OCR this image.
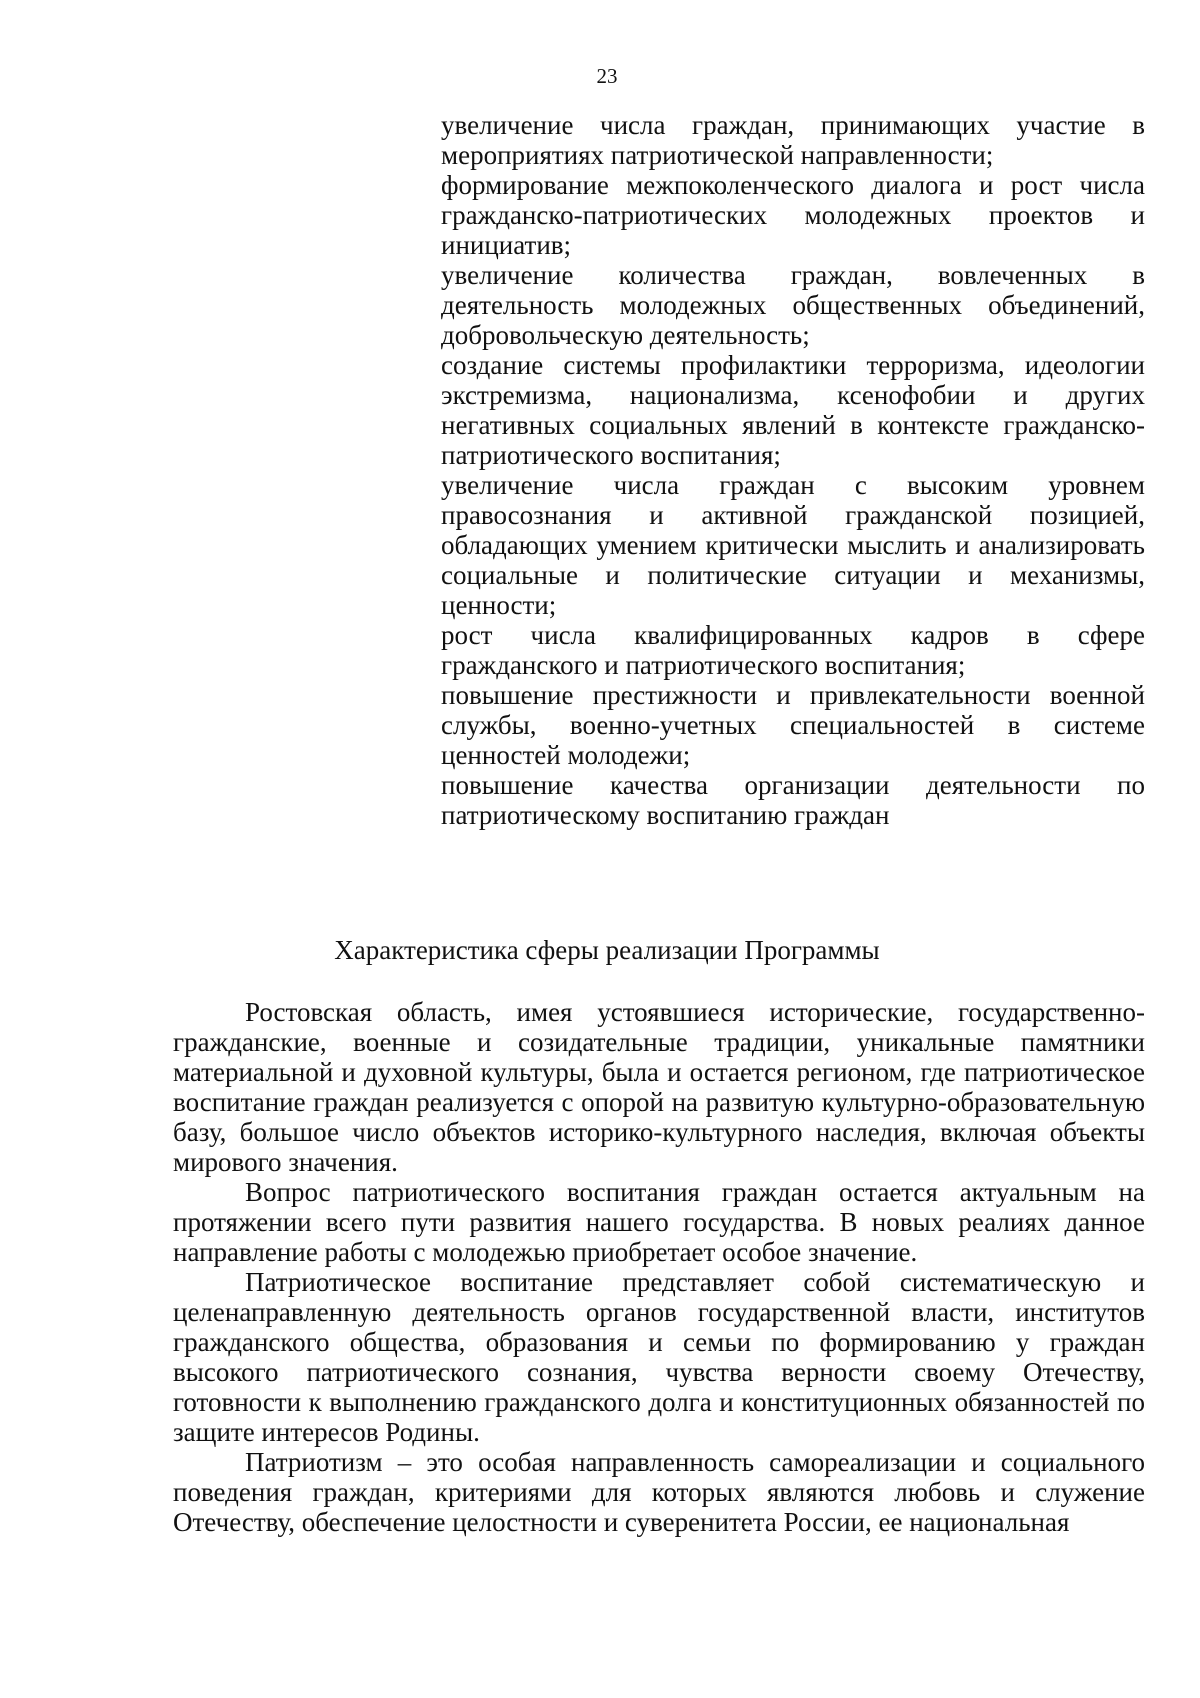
23
увеличение числа граждан, принимающих участие в мероприятиях патриотической направленности;
формирование межпоколенческого диалога и рост числа гражданско-патриотических молодежных проектов и инициатив;
увеличение количества граждан, вовлеченных в деятельность молодежных общественных объединений, добровольческую деятельность;
создание системы профилактики терроризма, идеологии экстремизма, национализма, ксенофобии и других негативных социальных явлений в контексте гражданско-патриотического воспитания;
увеличение числа граждан с высоким уровнем правосознания и активной гражданской позицией, обладающих умением критически мыслить и анализировать социальные и политические ситуации и механизмы, ценности;
рост числа квалифицированных кадров в сфере гражданского и патриотического воспитания;
повышение престижности и привлекательности военной службы, военно-учетных специальностей в системе ценностей молодежи;
повышение качества организации деятельности по патриотическому воспитанию граждан
Характеристика сферы реализации Программы

Ростовская область, имея устоявшиеся исторические, государственно-гражданские, военные и созидательные традиции, уникальные памятники материальной и духовной культуры, была и остается регионом, где патриотическое воспитание граждан реализуется с опорой на развитую культурно-образовательную базу, большое число объектов историко-культурного наследия, включая объекты мирового значения.

Вопрос патриотического воспитания граждан остается актуальным на протяжении всего пути развития нашего государства. В новых реалиях данное направление работы с молодежью приобретает особое значение.

Патриотическое воспитание представляет собой систематическую и целенаправленную деятельность органов государственной власти, институтов гражданского общества, образования и семьи по формированию у граждан высокого патриотического сознания, чувства верности своему Отечеству, готовности к выполнению гражданского долга и конституционных обязанностей по защите интересов Родины.

Патриотизм – это особая направленность самореализации и социального поведения граждан, критериями для которых являются любовь и служение Отечеству, обеспечение целостности и суверенитета России, ее национальная
